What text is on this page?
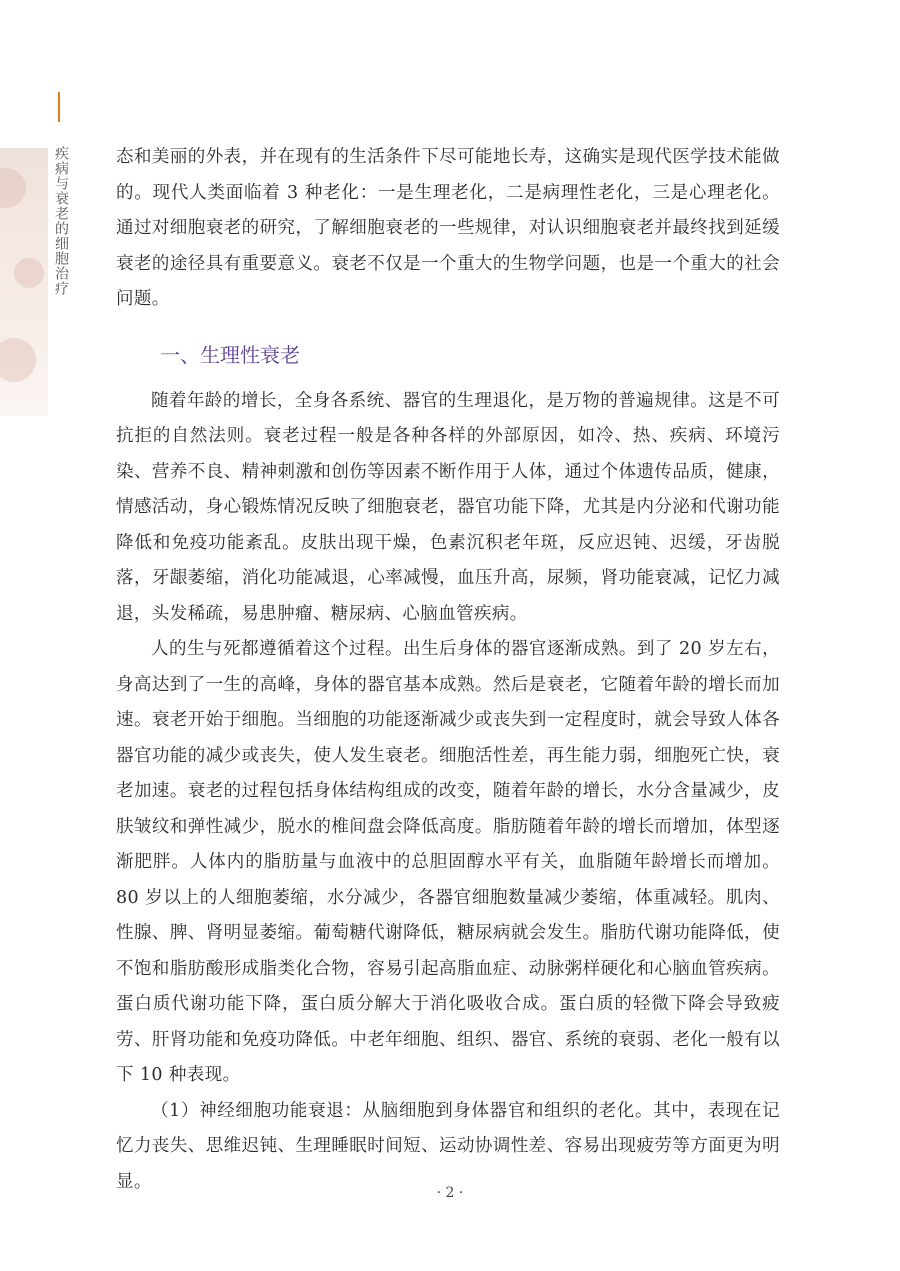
疾病与衰老的细胞治疗	态和美丽的外表，并在现有的生活条件下尽可能地长寿，这确实是现代医学技术能做的。现代人类面临着 3 种老化：一是生理老化，二是病理性老化，三是心理老化。通过对细胞衰老的研究，了解细胞衰老的一些规律，对认识细胞衰老并最终找到延缓衰老的途径具有重要意义。衰老不仅是一个重大的生物学问题，也是一个重大的社会问题。

一、生理性衰老

随着年龄的增长，全身各系统、器官的生理退化，是万物的普遍规律。这是不可抗拒的自然法则。衰老过程一般是各种各样的外部原因，如冷、热、疾病、环境污染、营养不良、精神刺激和创伤等因素不断作用于人体，通过个体遗传品质，健康，情感活动，身心锻炼情况反映了细胞衰老，器官功能下降，尤其是内分泌和代谢功能降低和免疫功能紊乱。皮肤出现干燥，色素沉积老年斑，反应迟钝、迟缓，牙齿脱落，牙龈萎缩，消化功能减退，心率减慢，血压升高，尿频，肾功能衰减，记忆力减退，头发稀疏，易患肿瘤、糖尿病、心脑血管疾病。

人的生与死都遵循着这个过程。出生后身体的器官逐渐成熟。到了 20 岁左右，身高达到了一生的高峰，身体的器官基本成熟。然后是衰老，它随着年龄的增长而加速。衰老开始于细胞。当细胞的功能逐渐减少或丧失到一定程度时，就会导致人体各器官功能的减少或丧失，使人发生衰老。细胞活性差，再生能力弱，细胞死亡快，衰老加速。衰老的过程包括身体结构组成的改变，随着年龄的增长，水分含量减少，皮肤皱纹和弹性减少，脱水的椎间盘会降低高度。脂肪随着年龄的增长而增加，体型逐渐肥胖。人体内的脂肪量与血液中的总胆固醇水平有关，血脂随年龄增长而增加。80 岁以上的人细胞萎缩，水分减少，各器官细胞数量减少萎缩，体重减轻。肌肉、性腺、脾、肾明显萎缩。葡萄糖代谢降低，糖尿病就会发生。脂肪代谢功能降低，使不饱和脂肪酸形成脂类化合物，容易引起高脂血症、动脉粥样硬化和心脑血管疾病。蛋白质代谢功能下降，蛋白质分解大于消化吸收合成。蛋白质的轻微下降会导致疲劳、肝肾功能和免疫功降低。中老年细胞、组织、器官、系统的衰弱、老化一般有以下 10 种表现。

（1）神经细胞功能衰退：从脑细胞到身体器官和组织的老化。其中，表现在记忆力丧失、思维迟钝、生理睡眠时间短、运动协调性差、容易出现疲劳等方面更为明显。

· 2 ·
